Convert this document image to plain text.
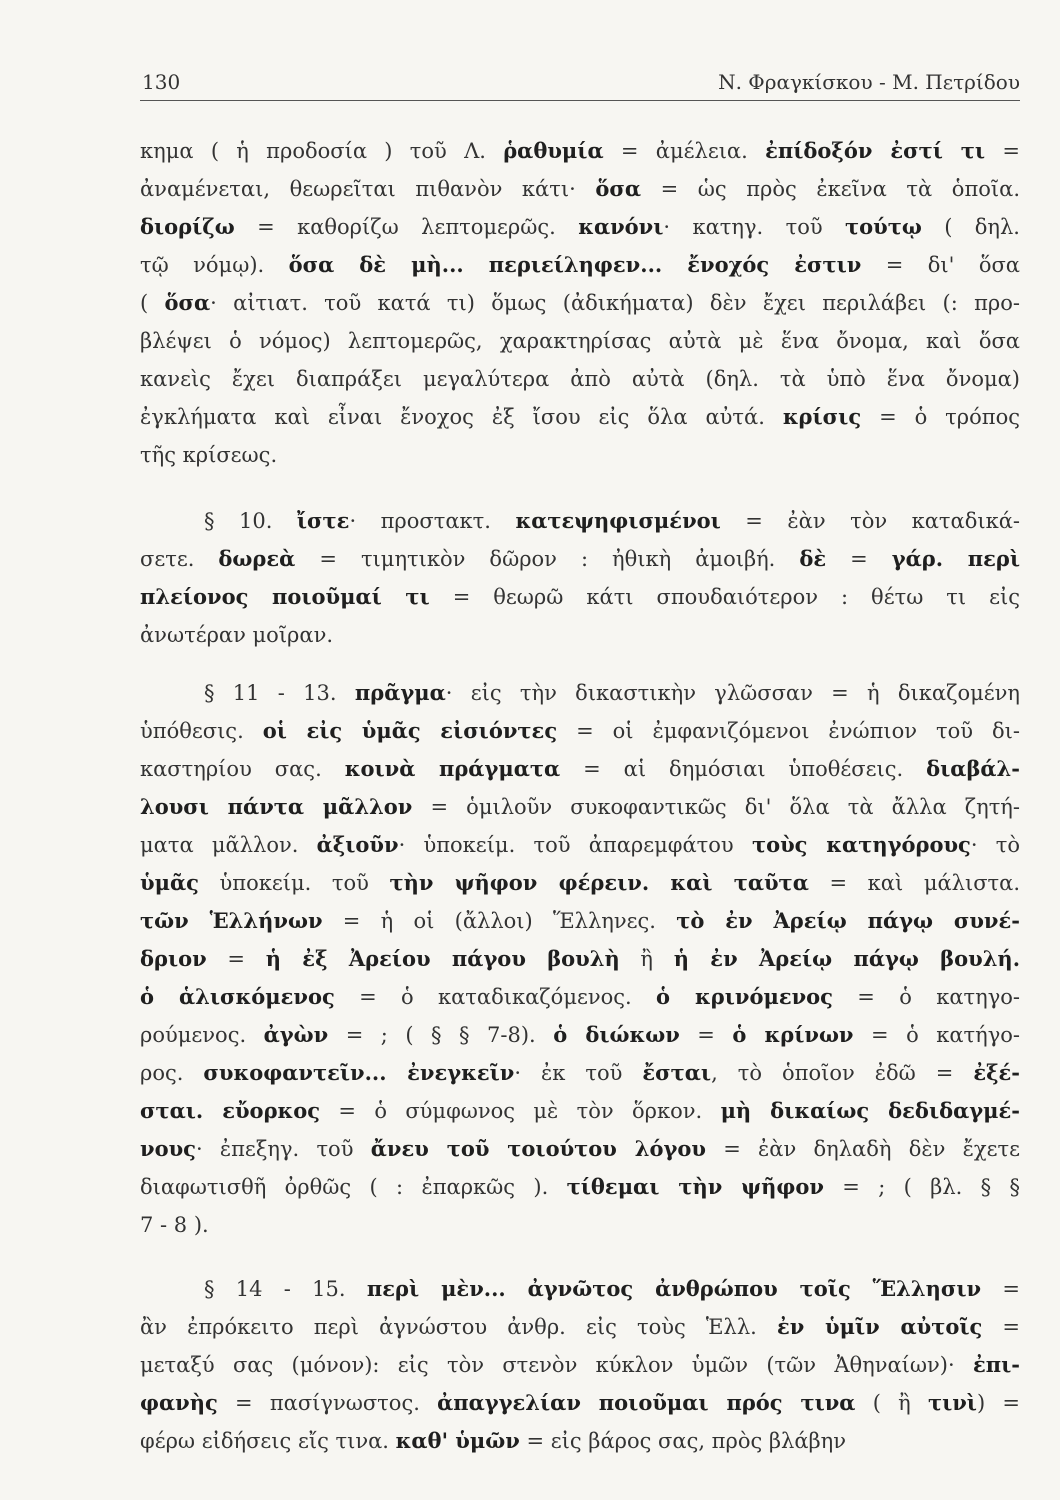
130	Ν. Φραγκίσκου - Μ. Πετρίδου
κημα ( ἡ προδοσία ) τοῦ Λ. ῥαθυμία = ἀμέλεια. ἐπίδοξόν ἐστί τι =
ἀναμένεται, θεωρεῖται πιθανὸν κάτι· ὅσα = ὡς πρὸς ἐκεῖνα τὰ ὁποῖα.
διορίζω = καθορίζω λεπτομερῶς. κανόνι· κατηγ. τοῦ τούτῳ ( δηλ.
τῷ νόμῳ). ὅσα δὲ μὴ... περιείληφεν... ἔνοχός ἐστιν = δι' ὅσα
( ὅσα· αἰτιατ. τοῦ κατά τι) ὅμως (ἀδικήματα) δὲν ἔχει περιλάβει (: προ-
βλέψει ὁ νόμος) λεπτομερῶς, χαρακτηρίσας αὐτὰ μὲ ἕνα ὄνομα, καὶ ὅσα
κανεὶς ἔχει διαπράξει μεγαλύτερα ἀπὸ αὐτὰ (δηλ. τὰ ὑπὸ ἕνα ὄνομα)
ἐγκλήματα καὶ εἶναι ἔνοχος ἐξ ἴσου εἰς ὅλα αὐτά. κρίσις = ὁ τρόπος
τῆς κρίσεως.
§ 10. ἴστε· προστακτ. κατεψηφισμένοι = ἐὰν τὸν καταδικά-
σετε. δωρεὰ = τιμητικὸν δῶρον : ἠθικὴ ἀμοιβή. δὲ = γάρ. περὶ
πλείονος ποιοῦμαί τι = θεωρῶ κάτι σπουδαιότερον : θέτω τι εἰς
ἀνωτέραν μοῖραν.
§ 11 - 13. πρᾶγμα· εἰς τὴν δικαστικὴν γλῶσσαν = ἡ δικαζομένη
ὑπόθεσις. οἱ εἰς ὑμᾶς εἰσιόντες = οἱ ἐμφανιζόμενοι ἐνώπιον τοῦ δι-
καστηρίου σας. κοινὰ πράγματα = αἱ δημόσιαι ὑποθέσεις. διαβάλ-
λουσι πάντα μᾶλλον = ὁμιλοῦν συκοφαντικῶς δι' ὅλα τὰ ἄλλα ζητή-
ματα μᾶλλον. ἀξιοῦν· ὑποκείμ. τοῦ ἀπαρεμφάτου τοὺς κατηγόρους· τὸ
ὑμᾶς ὑποκείμ. τοῦ τὴν ψῆφον φέρειν. καὶ ταῦτα = καὶ μάλιστα.
τῶν Ἑλλήνων = ἡ οἱ (ἄλλοι) Ἕλληνες. τὸ ἐν Ἀρείῳ πάγῳ συνέ-
δριον = ἡ ἐξ Ἀρείου πάγου βουλὴ ἢ ἡ ἐν Ἀρείῳ πάγῳ βουλή.
ὁ ἁλισκόμενος = ὁ καταδικαζόμενος. ὁ κρινόμενος = ὁ κατηγο-
ρούμενος. ἀγὼν = ; ( § § 7-8). ὁ διώκων = ὁ κρίνων = ὁ κατήγο-
ρος. συκοφαντεῖν... ἐνεγκεῖν· ἐκ τοῦ ἔσται, τὸ ὁποῖον ἐδῶ = ἐξέ-
σται. εὔορκος = ὁ σύμφωνος μὲ τὸν ὅρκον. μὴ δικαίως δεδιδαγμέ-
νους· ἐπεξηγ. τοῦ ἄνευ τοῦ τοιούτου λόγου = ἐὰν δηλαδὴ δὲν ἔχετε
διαφωτισθῆ ὀρθῶς ( : ἐπαρκῶς ). τίθεμαι τὴν ψῆφον = ; ( βλ. § §
7 - 8 ).
§ 14 - 15. περὶ μὲν... ἀγνῶτος ἀνθρώπου τοῖς Ἕλλησιν =
ἂν ἐπρόκειτο περὶ ἀγνώστου ἀνθρ. εἰς τοὺς Ἑλλ. ἐν ὑμῖν αὐτοῖς =
μεταξύ σας (μόνον): εἰς τὸν στενὸν κύκλον ὑμῶν (τῶν Ἀθηναίων)· ἐπι-
φανὴς = πασίγνωστος. ἀπαγγελίαν ποιοῦμαι πρός τινα ( ἢ τινὶ) =
φέρω εἰδήσεις εἴς τινα. καθ' ὑμῶν = εἰς βάρος σας, πρὸς βλάβην
